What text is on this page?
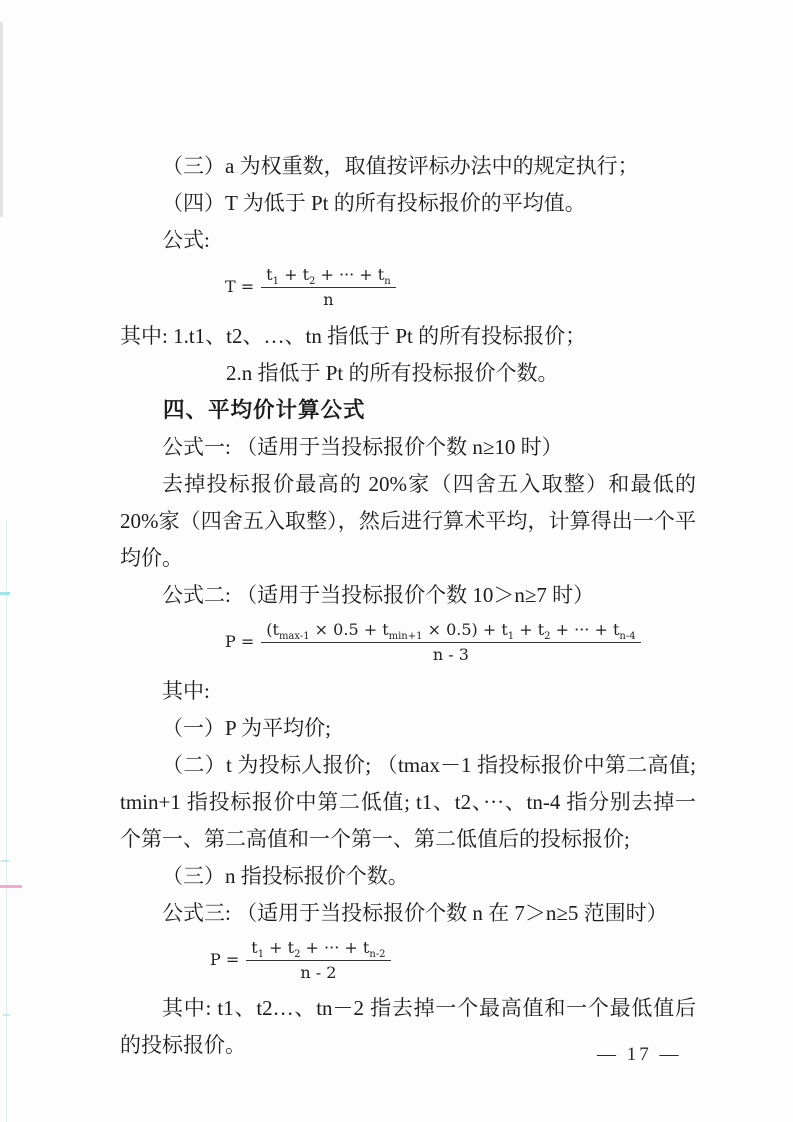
（三）a 为权重数，取值按评标办法中的规定执行；

（四）T 为低于 Pt 的所有投标报价的平均值。

公式:

$T = \frac{t_1 + t_2 + \cdot\cdot\cdot + t_n}{n}$

其中: 1.t1、t2、…、tn 指低于 Pt 的所有投标报价；

2.n 指低于 Pt 的所有投标报价个数。

四、平均价计算公式

公式一: （适用于当投标报价个数 n≥10 时）

去掉投标报价最高的 20%家（四舍五入取整）和最低的 20%家（四舍五入取整），然后进行算术平均，计算得出一个平均价。

公式二: （适用于当投标报价个数 10＞n≥7 时）

$P = \frac{(t_{max-1} \times 0.5 + t_{min+1} \times 0.5) + t_1 + t_2 + \cdot\cdot\cdot + t_{n-4}}{n - 3}$

其中:

（一）P 为平均价;

（二）t 为投标人报价; （tmax－1 指投标报价中第二高值; tmin+1 指投标报价中第二低值; t1、t2、···、tn-4 指分别去掉一个第一、第二高值和一个第一、第二低值后的投标报价;

（三）n 指投标报价个数。

公式三: （适用于当投标报价个数 n 在 7＞n≥5 范围时）

$P = \frac{t_1 + t_2 + \cdot\cdot\cdot + t_{n-2}}{n - 2}$

其中: t1、t2…、tn－2 指去掉一个最高值和一个最低值后的投标报价。	— 17 —
